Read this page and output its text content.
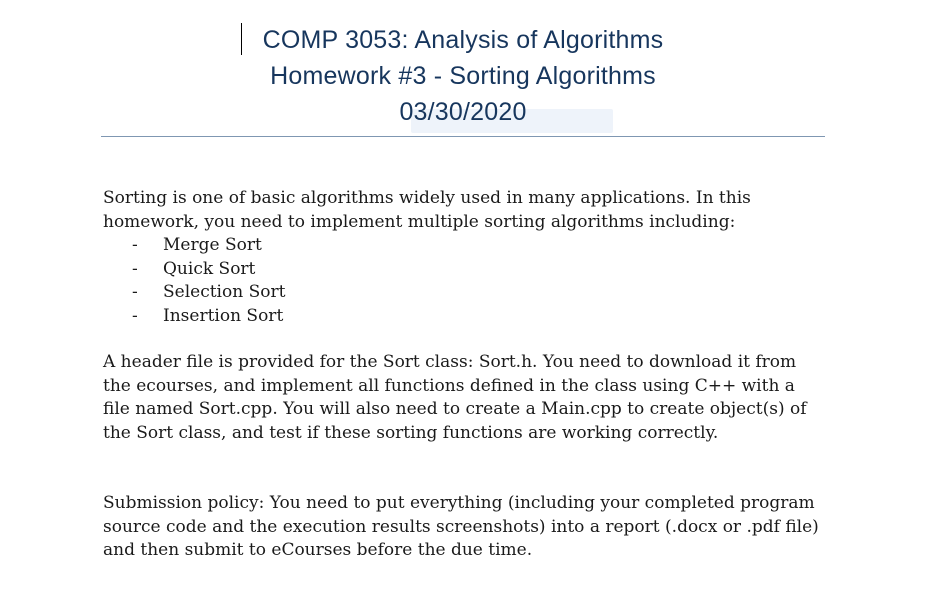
COMP 3053: Analysis of Algorithms
Homework #3 - Sorting Algorithms
03/30/2020

Sorting is one of basic algorithms widely used in many applications. In this homework, you need to implement multiple sorting algorithms including:

- Merge Sort
- Quick Sort
- Selection Sort
- Insertion Sort

A header file is provided for the Sort class: Sort.h. You need to download it from the ecourses, and implement all functions defined in the class using C++ with a file named Sort.cpp. You will also need to create a Main.cpp to create object(s) of the Sort class, and test if these sorting functions are working correctly.

Submission policy: You need to put everything (including your completed program source code and the execution results screenshots) into a report (.docx or .pdf file) and then submit to eCourses before the due time.
